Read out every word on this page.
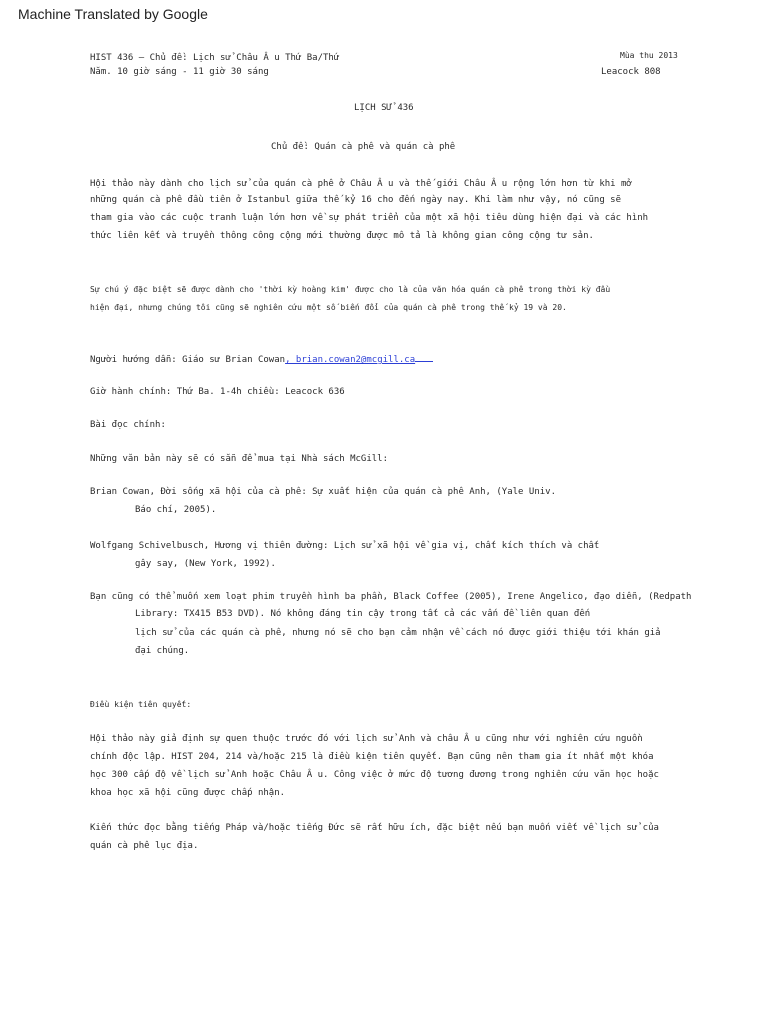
Machine Translated by Google
HIST 436 – Chủ đề: Lịch sử Châu Â u Thứ Ba/Thứ
Năm. 10 giờ sáng - 11 giờ 30 sáng
Mùa thu 2013
Leacock 808
LỊCH SỬ 436
Chủ đề: Quán cà phê và quán cà phê
Hội thảo này dành cho lịch sử của quán cà phê ở Châu Â u và thế giới Châu Â u rộng lớn hơn từ khi mở
những quán cà phê đầu tiên ở Istanbul giữa thế kỷ 16 cho đến ngày nay. Khi làm như vậy, nó cũng sẽ
tham gia vào các cuộc tranh luận lớn hơn về sự phát triển của một xã hội tiêu dùng hiện đại và các hình
thức liên kết và truyền thông công cộng mới thường được mô tả là không gian công cộng tư sản.
Sự chú ý đặc biệt sẽ được dành cho 'thời kỳ hoàng kim' được cho là của văn hóa quán cà phê trong thời kỳ đầu
hiện đại, nhưng chúng tôi cũng sẽ nghiên cứu một số biến đổi của quán cà phê trong thế kỷ 19 và 20.
Người hướng dẫn: Giáo sư Brian Cowan, brian.cowan2@mcgill.ca
Giờ hành chính: Thứ Ba. 1-4h chiều: Leacock 636
Bài đọc chính:
Những văn bản này sẽ có sẵn để mua tại Nhà sách McGill:
Brian Cowan, Đời sống xã hội của cà phê: Sự xuất hiện của quán cà phê Anh, (Yale Univ.
Báo chí, 2005).
Wolfgang Schivelbusch, Hương vị thiên đường: Lịch sử xã hội về gia vị, chất kích thích và chất
gây say, (New York, 1992).
Bạn cũng có thể muốn xem loạt phim truyền hình ba phần, Black Coffee (2005), Irene Angelico, đạo diễn, (Redpath
Library: TX415 B53 DVD). Nó không đáng tin cậy trong tất cả các vấn đề liên quan đến
lịch sử của các quán cà phê, nhưng nó sẽ cho bạn cảm nhận về cách nó được giới thiệu tới khán giả
đại chúng.
Điều kiện tiên quyết:
Hội thảo này giả định sự quen thuộc trước đó với lịch sử Anh và châu Â u cũng như với nghiên cứu nguồn
chính độc lập. HIST 204, 214 và/hoặc 215 là điều kiện tiên quyết. Bạn cũng nên tham gia ít nhất một khóa
học 300 cấp độ về lịch sử Anh hoặc Châu Â u. Công việc ở mức độ tương đương trong nghiên cứu văn học hoặc
khoa học xã hội cũng được chấp nhận.
Kiến thức đọc bằng tiếng Pháp và/hoặc tiếng Đức sẽ rất hữu ích, đặc biệt nếu bạn muốn viết về lịch sử của
quán cà phê lục địa.
